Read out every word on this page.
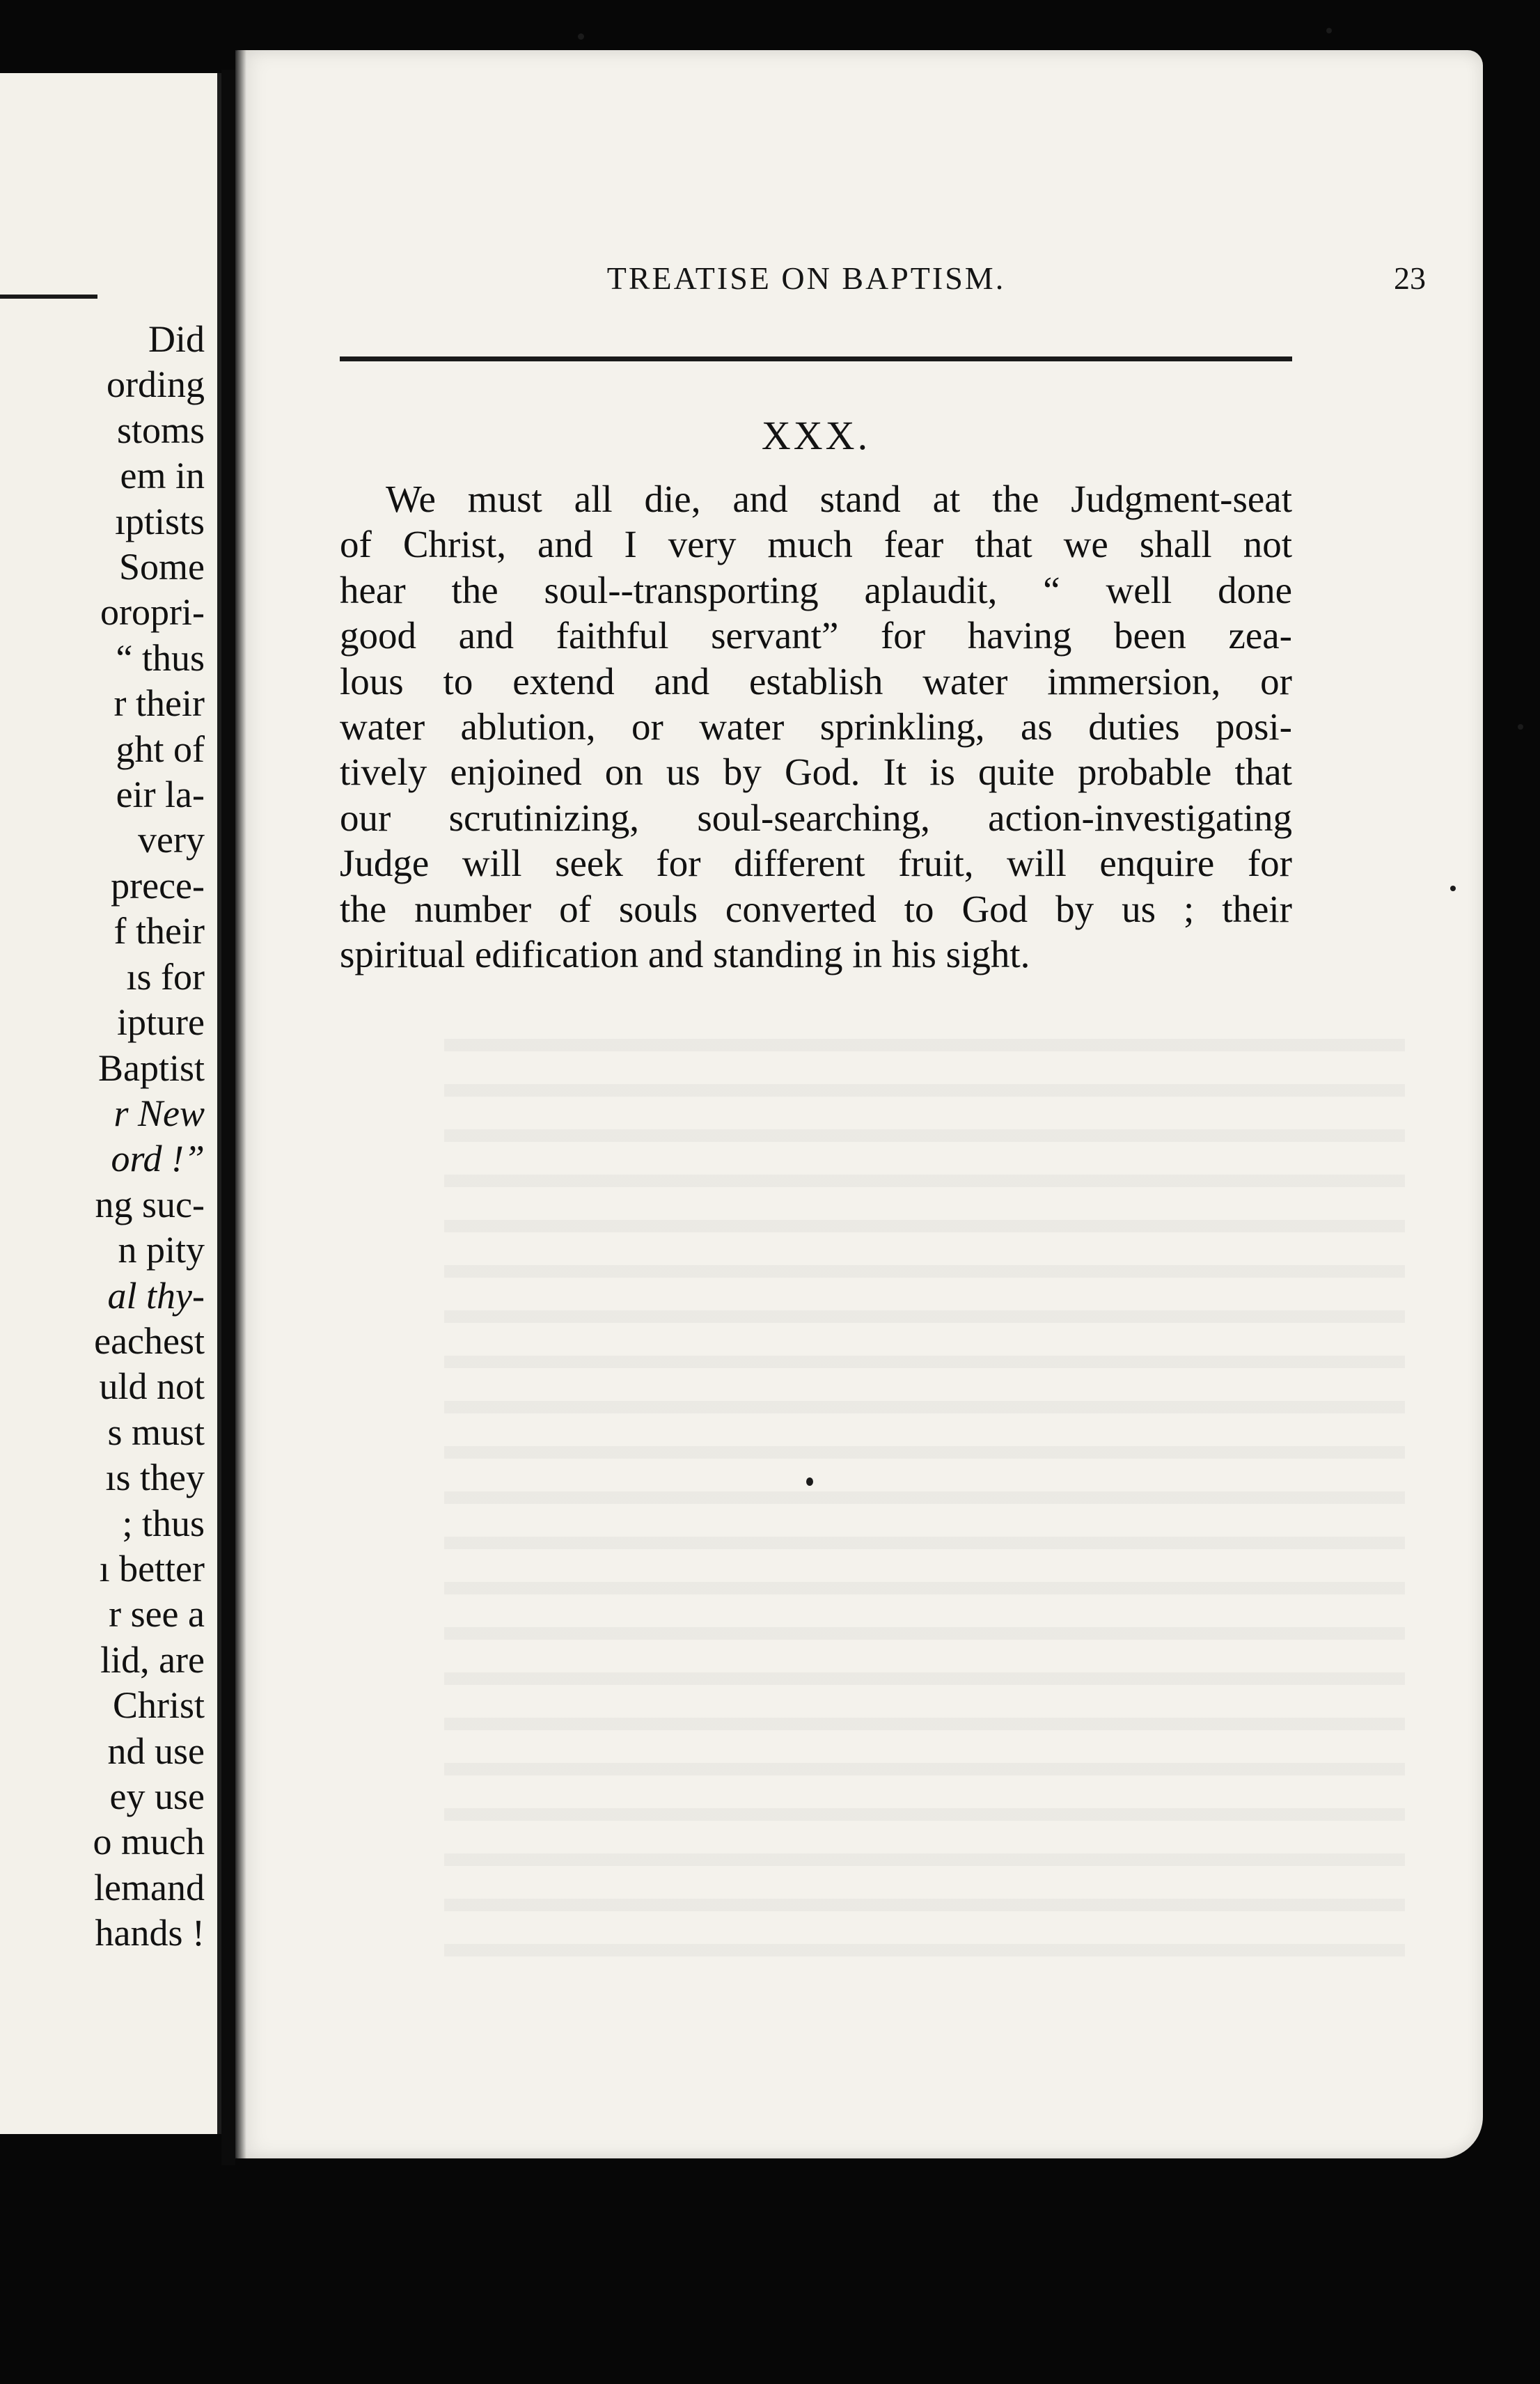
Did
ording
stoms
em in
ıptists
Some
oropri-
“ thus
r their
ght of
eir la-
very
prece-
f their
ıs for
ipture
Baptist
r New
ord !”
ng suc-
n pity
al thy-
eachest
uld not
s must
ıs they
; thus
ı better
r see a
lid, are
Christ
nd use
ey use
o much
lemand
hands !
TREATISE ON BAPTISM.	23
XXX.
We must all die, and stand at the Judgment-seat
of Christ, and I very much fear that we shall not
hear the soul--transporting aplaudit, “ well done
good and faithful servant” for having been zea-
lous to extend and establish water immersion, or
water ablution, or water sprinkling, as duties posi-
tively enjoined on us by God. It is quite probable that
our scrutinizing, soul-searching, action-investigating
Judge will seek for different fruit, will enquire for
the number of souls converted to God by us ; their
spiritual edification and standing in his sight.
